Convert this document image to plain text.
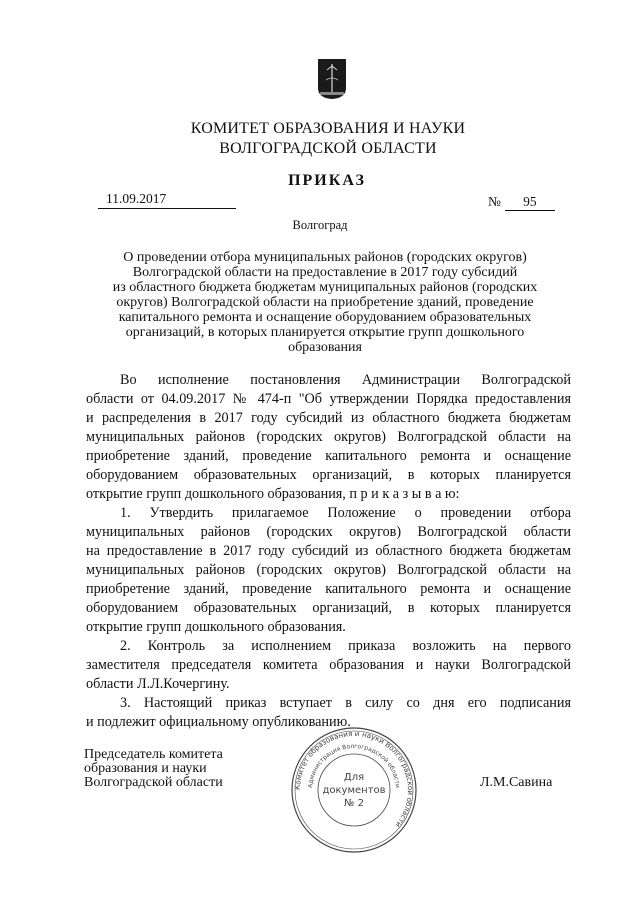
КОМИТЕТ ОБРАЗОВАНИЯ И НАУКИ
ВОЛГОГРАДСКОЙ ОБЛАСТИ
ПРИКАЗ
11.09.2017	№ 95
Волгоград
О проведении отбора муниципальных районов (городских округов)
Волгоградской области на предоставление в 2017 году субсидий
из областного бюджета бюджетам муниципальных районов (городских
округов) Волгоградской области на приобретение зданий, проведение
капитального ремонта и оснащение оборудованием образовательных
организаций, в которых планируется открытие групп дошкольного
образования
Во исполнение постановления Администрации Волгоградской
области от 04.09.2017 № 474-п "Об утверждении Порядка предоставления
и распределения в 2017 году субсидий из областного бюджета бюджетам
муниципальных районов (городских округов) Волгоградской области на
приобретение зданий, проведение капитального ремонта и оснащение
оборудованием образовательных организаций, в которых планируется
открытие групп дошкольного образования, п р и к а з ы в а ю:
1. Утвердить прилагаемое Положение о проведении отбора
муниципальных районов (городских округов) Волгоградской области
на предоставление в 2017 году субсидий из областного бюджета бюджетам
муниципальных районов (городских округов) Волгоградской области на
приобретение зданий, проведение капитального ремонта и оснащение
оборудованием образовательных организаций, в которых планируется
открытие групп дошкольного образования.
2. Контроль за исполнением приказа возложить на первого
заместителя председателя комитета образования и науки Волгоградской
области Л.Л.Кочергину.
3. Настоящий приказ вступает в силу со дня его подписания
и подлежит официальному опубликованию.
Председатель комитета
образования и науки
Волгоградской области	Л.М.Савина
Комитет образования и науки Волгоградской области
Администрация Волгоградской области
Для
документов
№ 2
